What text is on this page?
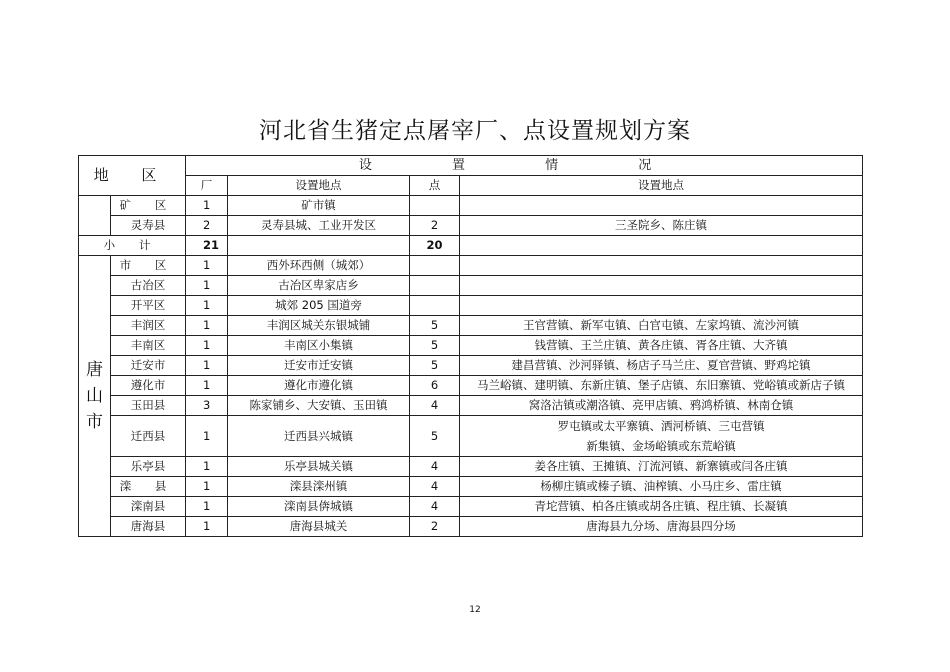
河北省生猪定点屠宰厂、点设置规划方案
地 区		设 置 情 况			
		厂	设置地点	点	设置地点
	矿 区	1	矿市镇		
	灵寿县	2	灵寿县城、工业开发区	2	三圣院乡、陈庄镇
小 计		21		20	
唐山市	市 区	1	西外环西侧（城郊）		
	古冶区	1	古冶区卑家店乡		
	开平区	1	城郊 205 国道旁		
	丰润区	1	丰润区城关东银城铺	5	王官营镇、新军屯镇、白官屯镇、左家坞镇、流沙河镇
	丰南区	1	丰南区小集镇	5	钱营镇、王兰庄镇、黄各庄镇、胥各庄镇、大齐镇
	迁安市	1	迁安市迁安镇	5	建昌营镇、沙河驿镇、杨店子马兰庄、夏官营镇、野鸡坨镇
	遵化市	1	遵化市遵化镇	6	马兰峪镇、建明镇、东新庄镇、堡子店镇、东旧寨镇、党峪镇或新店子镇
	玉田县	3	陈家铺乡、大安镇、玉田镇	4	窝洛沽镇或潮洛镇、亮甲店镇、鸦鸿桥镇、林南仓镇
	迁西县	1	迁西县兴城镇	5	罗屯镇或太平寨镇、洒河桥镇、三屯营镇
新集镇、金场峪镇或东荒峪镇

	乐亭县	1	乐亭县城关镇	4	姜各庄镇、王摊镇、汀流河镇、新寨镇或闫各庄镇
	滦 县	1	滦县滦州镇	4	杨柳庄镇或榛子镇、油榨镇、小马庄乡、雷庄镇
	滦南县	1	滦南县倴城镇	4	青坨营镇、柏各庄镇或胡各庄镇、程庄镇、长凝镇
	唐海县	1	唐海县城关	2	唐海县九分场、唐海县四分场
12
